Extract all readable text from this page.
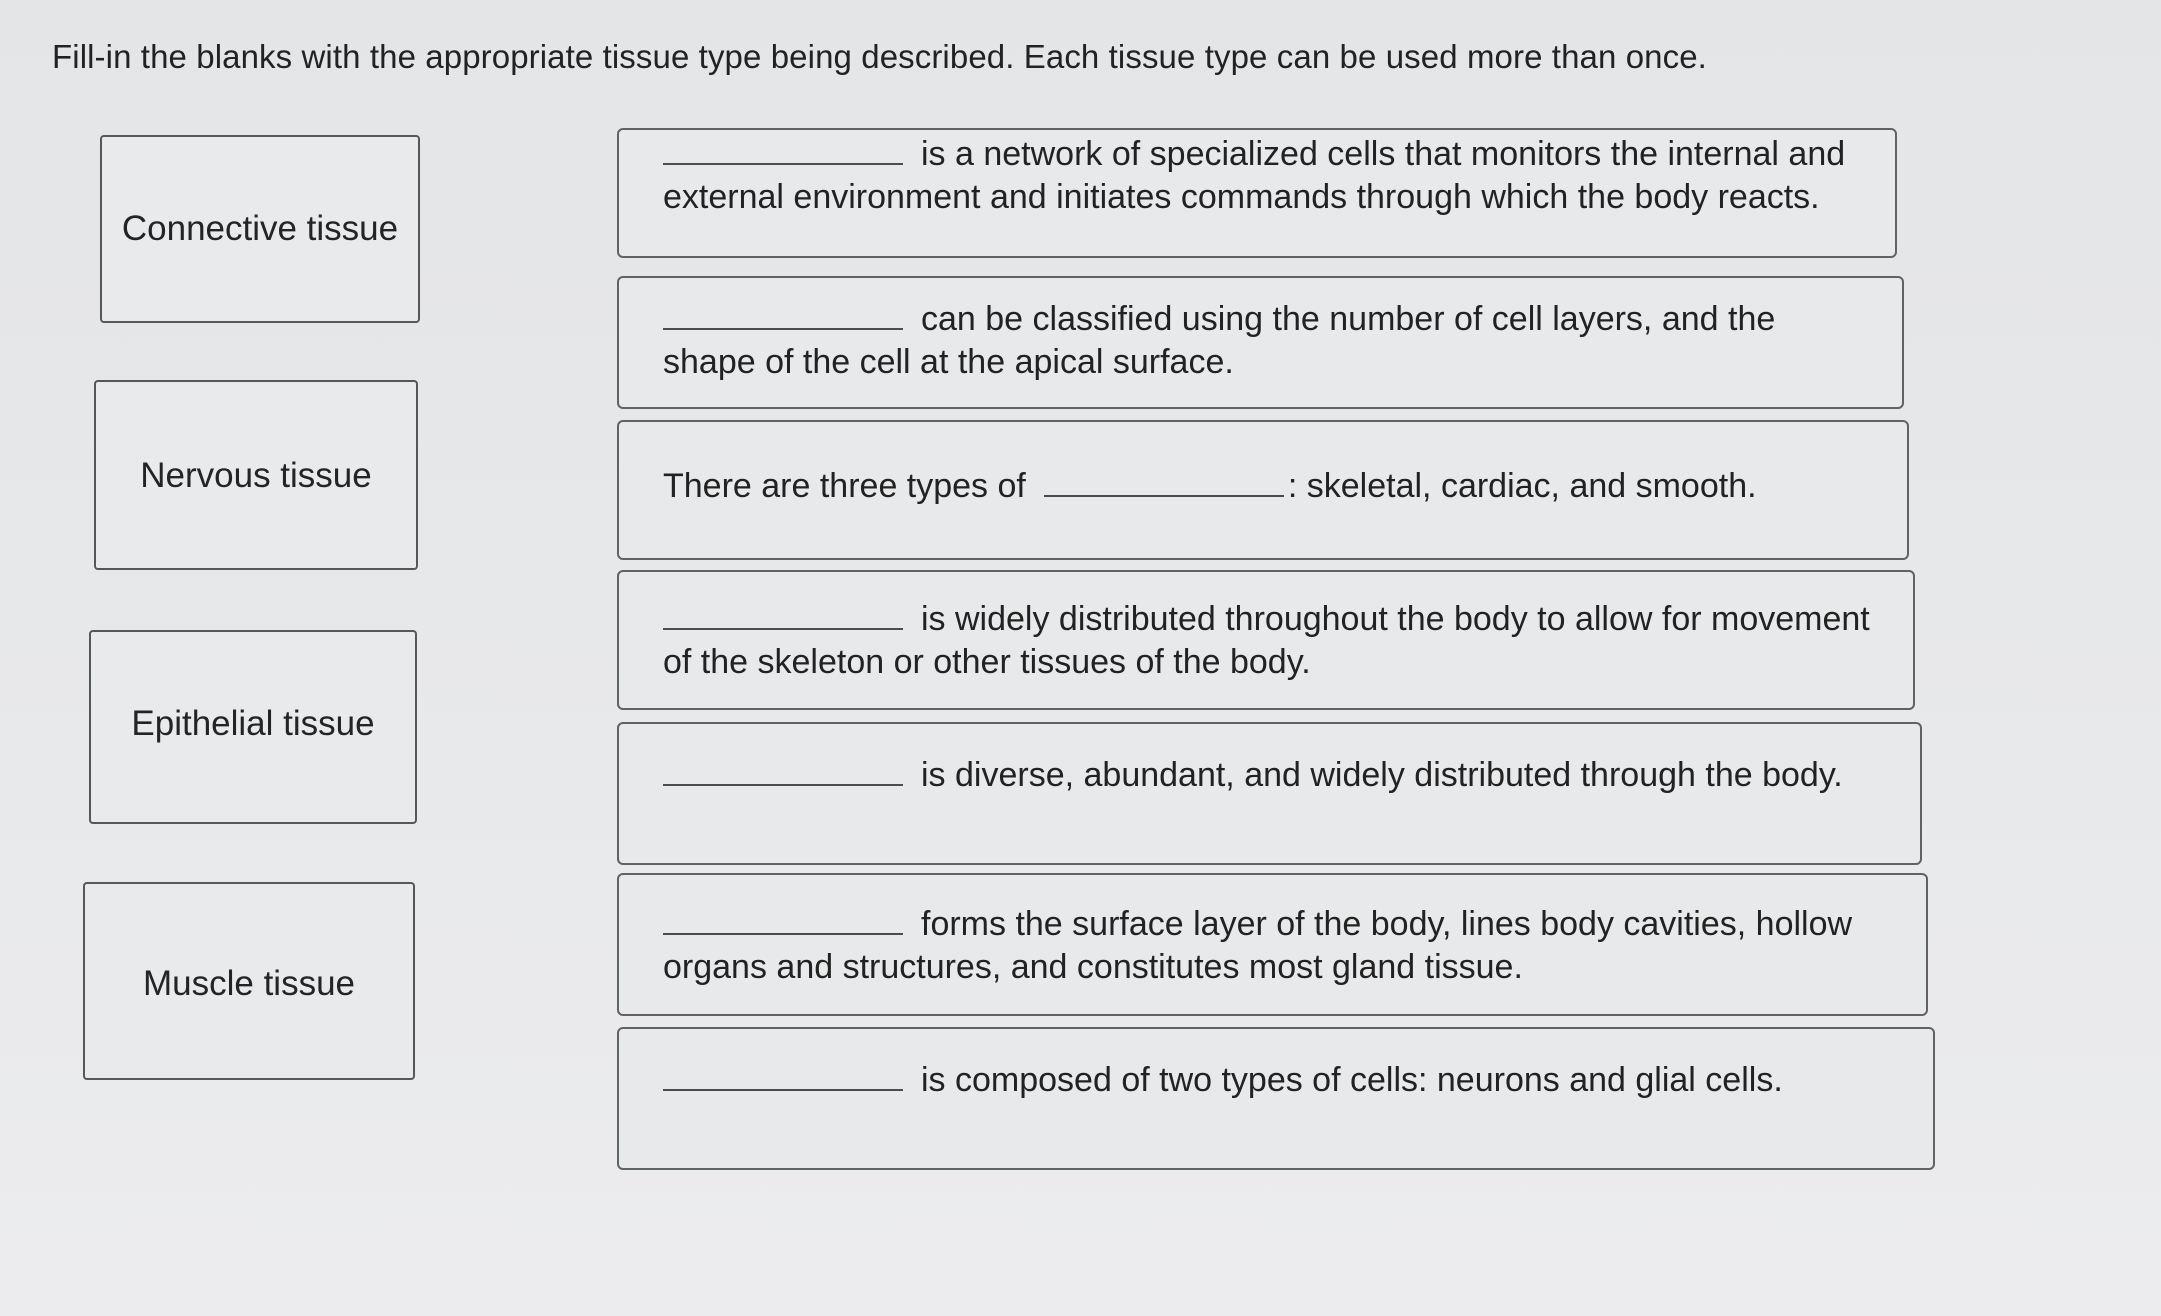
Fill-in the blanks with the appropriate tissue type being described. Each tissue type can be used more than once.

Connective tissue
Nervous tissue
Epithelial tissue
Muscle tissue
is a network of specialized cells that monitors the internal and external environment and initiates commands through which the body reacts.
can be classified using the number of cell layers, and the shape of the cell at the apical surface.
There are three types of	: skeletal, cardiac, and smooth.
is widely distributed throughout the body to allow for movement of the skeleton or other tissues of the body.
is diverse, abundant, and widely distributed through the body.
forms the surface layer of the body, lines body cavities, hollow organs and structures, and constitutes most gland tissue.
is composed of two types of cells: neurons and glial cells.
